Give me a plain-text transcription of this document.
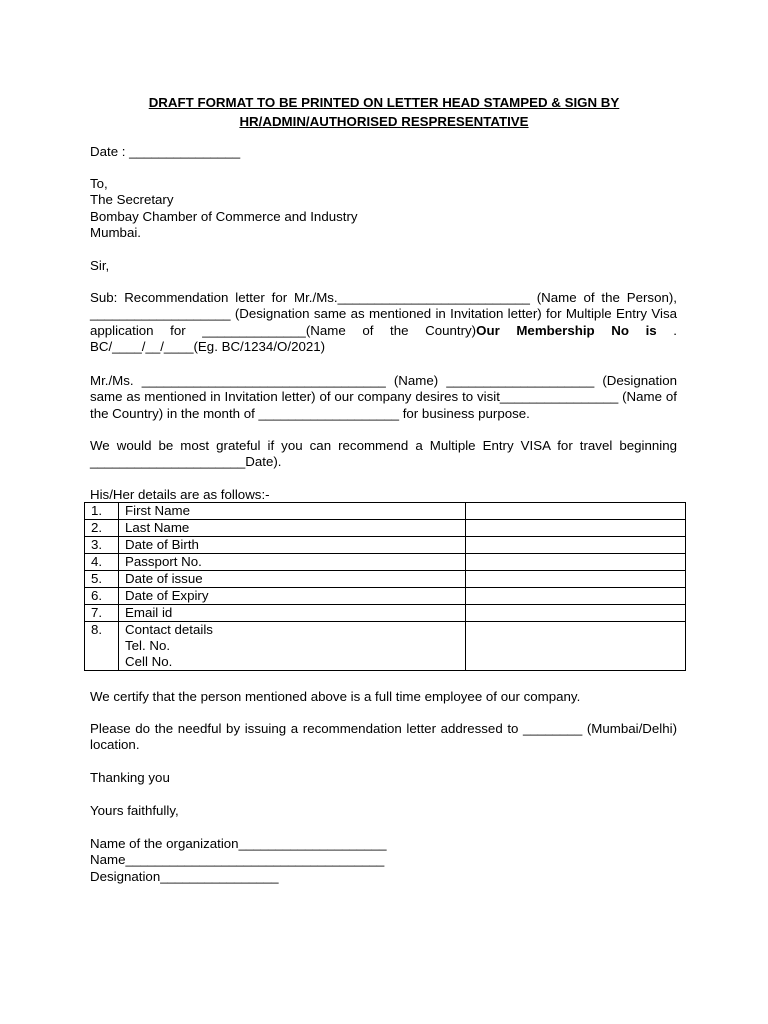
DRAFT FORMAT TO BE PRINTED ON LETTER HEAD STAMPED & SIGN BY
HR/ADMIN/AUTHORISED RESPRESENTATIVE

Date : _______________

To,
The Secretary
Bombay Chamber of Commerce and Industry
Mumbai.

Sir,

Sub: Recommendation letter for Mr./Ms.__________________________ (Name of the Person), ___________________ (Designation same as mentioned in Invitation letter) for Multiple Entry Visa application for ______________(Name of the Country)Our Membership No is . BC/____/__/____(Eg. BC/1234/O/2021)

Mr./Ms. _________________________________ (Name) ____________________ (Designation same as mentioned in Invitation letter) of our company desires to visit________________ (Name of the Country) in the month of ___________________ for business purpose.

We would be most grateful if you can recommend a Multiple Entry VISA for travel beginning _____________________Date).

His/Her details are as follows:-

1.	First Name	
2.	Last Name	
3.	Date of Birth	
4.	Passport No.	
5.	Date of issue	
6.	Date of Expiry	
7.	Email id	
8.	Contact details
Tel. No.
Cell No.	

We certify that the person mentioned above is a full time employee of our company.

Please do the needful by issuing a recommendation letter addressed to ________ (Mumbai/Delhi) location.

Thanking you

Yours faithfully,

Name of the organization____________________
Name___________________________________
Designation________________
